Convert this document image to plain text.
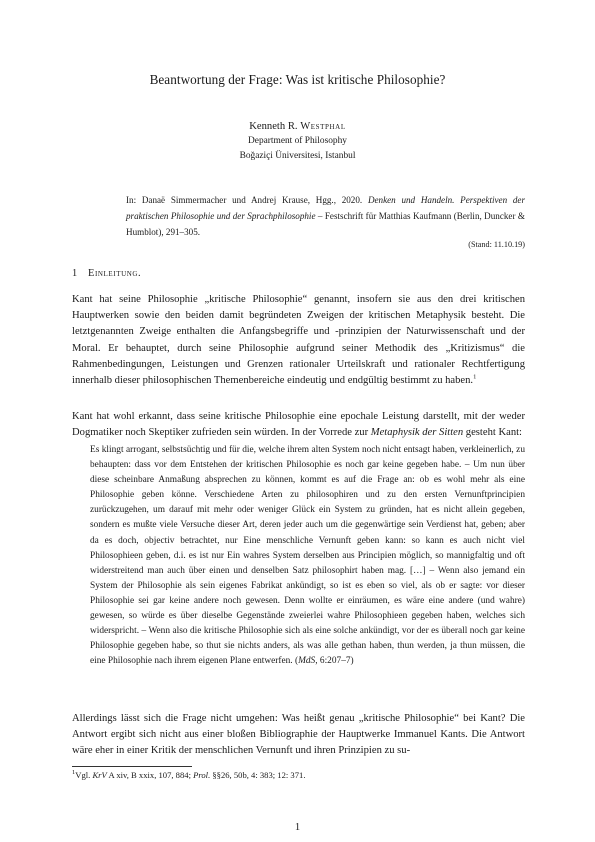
Beantwortung der Frage: Was ist kritische Philosophie?
Kenneth R. Westphal
Department of Philosophy
Boğaziçi Üniversitesi, Istanbul
In: Danaë Simmermacher und Andrej Krause, Hgg., 2020. Denken und Handeln. Perspektiven der praktischen Philosophie und der Sprachphilosophie – Festschrift für Matthias Kaufmann (Berlin, Duncker & Humblot), 291–305.
(Stand: 11.10.19)
1 Einleitung.
Kant hat seine Philosophie „kritische Philosophie“ genannt, insofern sie aus den drei kritischen Hauptwerken sowie den beiden damit begründeten Zweigen der kritischen Metaphysik besteht. Die letztgenannten Zweige enthalten die Anfangsbegriffe und -prinzipien der Naturwissenschaft und der Moral. Er behauptet, durch seine Philosophie aufgrund seiner Methodik des „Kritizismus“ die Rahmenbedingungen, Leistungen und Grenzen rationaler Urteilskraft und rationaler Rechtfertigung innerhalb dieser philosophischen Themenbereiche eindeutig und endgültig bestimmt zu haben.$^1$
Kant hat wohl erkannt, dass seine kritische Philosophie eine epochale Leistung darstellt, mit der weder Dogmatiker noch Skeptiker zufrieden sein würden. In der Vorrede zur Metaphysik der Sitten gesteht Kant:
Es klingt arrogant, selbstsüchtig und für die, welche ihrem alten System noch nicht entsagt haben, verkleinerlich, zu behaupten: dass vor dem Entstehen der kritischen Philosophie es noch gar keine gegeben habe. – Um nun über diese scheinbare Anmaßung absprechen zu können, kommt es auf die Frage an: ob es wohl mehr als eine Philosophie geben könne. Verschiedene Arten zu philosophiren und zu den ersten Vernunftprincipien zurückzugehen, um darauf mit mehr oder weniger Glück ein System zu gründen, hat es nicht allein gegeben, sondern es mußte viele Versuche dieser Art, deren jeder auch um die gegenwärtige sein Verdienst hat, geben; aber da es doch, objectiv betrachtet, nur Eine menschliche Vernunft geben kann: so kann es auch nicht viel Philosophieen geben, d.i. es ist nur Ein wahres System derselben aus Principien möglich, so mannigfaltig und oft widerstreitend man auch über einen und denselben Satz philosophirt haben mag. […] – Wenn also jemand ein System der Philosophie als sein eigenes Fabrikat ankündigt, so ist es eben so viel, als ob er sagte: vor dieser Philosophie sei gar keine andere noch gewesen. Denn wollte er einräumen, es wäre eine andere (und wahre) gewesen, so würde es über dieselbe Gegenstände zweierlei wahre Philosophieen gegeben haben, welches sich widerspricht. – Wenn also die kritische Philosophie sich als eine solche ankündigt, vor der es überall noch gar keine Philosophie gegeben habe, so thut sie nichts anders, als was alle gethan haben, thun werden, ja thun müssen, die eine Philosophie nach ihrem eigenen Plane entwerfen. (MdS, 6:207–7)
Allerdings lässt sich die Frage nicht umgehen: Was heißt genau „kritische Philosophie“ bei Kant? Die Antwort ergibt sich nicht aus einer bloßen Bibliographie der Hauptwerke Immanuel Kants. Die Antwort wäre eher in einer Kritik der menschlichen Vernunft und ihren Prinzipien zu su-
$^1$Vgl. KrV A xiv, B xxix, 107, 884; Prol. §§26, 50b, 4: 383; 12: 371.
1
